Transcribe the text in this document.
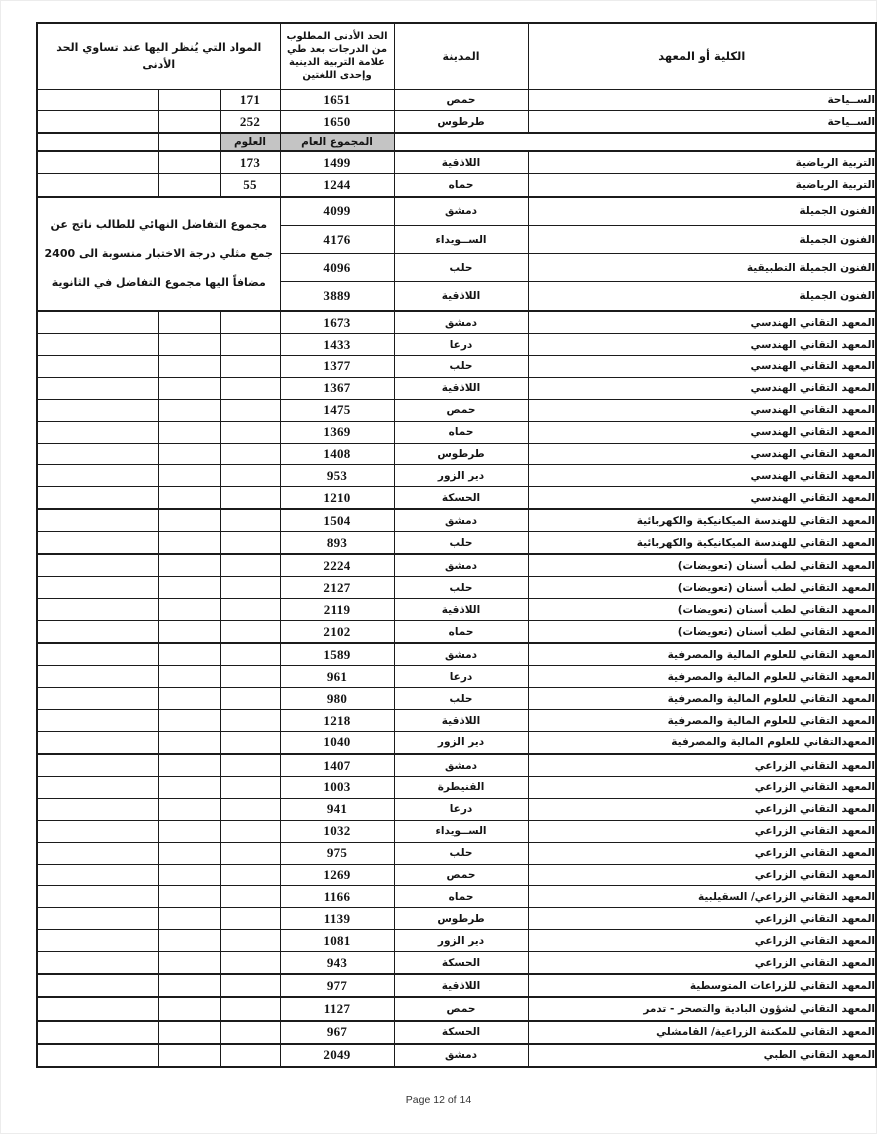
الكلية أو المعهد	المدينة	الحد الأدنى المطلوب من الدرجات بعد طي علامة التربية الدينية وإحدى اللغتين	المواد التي يُنظر اليها عند تساوي الحد الأدنى		
الســياحة	حمص	1651	171		
الســياحة	طرطوس	1650	252		
		المجموع العام	العلوم		
التربية الرياضية	اللاذقية	1499	173		
التربية الرياضية	حماه	1244	55		
الفنون الجميلة	دمشق	4099	مجموع التفاضل النهائي للطالب ناتج عن جمع مثلي درجة الاختبار منسوبة الى 2400 مضافاً اليها مجموع التفاضل في الثانوية		
الفنون الجميلة	الســويداء	4176			
الفنون الجميلة التطبيقية	حلب	4096			
الفنون الجميلة	اللاذقية	3889			
المعهد التقاني الهندسي	دمشق	1673			
المعهد التقاني الهندسي	درعا	1433			
المعهد التقاني الهندسي	حلب	1377			
المعهد التقاني الهندسي	اللاذقية	1367			
المعهد التقاني الهندسي	حمص	1475			
المعهد التقاني الهندسي	حماه	1369			
المعهد التقاني الهندسي	طرطوس	1408			
المعهد التقاني الهندسي	دير الزور	953			
المعهد التقاني الهندسي	الحسكة	1210			
المعهد التقاني للهندسة الميكانيكية والكهربائية	دمشق	1504			
المعهد التقاني للهندسة الميكانيكية والكهربائية	حلب	893			
المعهد التقاني لطب أسنان (تعويضات)	دمشق	2224			
المعهد التقاني لطب أسنان (تعويضات)	حلب	2127			
المعهد التقاني لطب أسنان (تعويضات)	اللاذقية	2119			
المعهد التقاني لطب أسنان (تعويضات)	حماه	2102			
المعهد التقاني للعلوم المالية والمصرفية	دمشق	1589			
المعهد التقاني للعلوم المالية والمصرفية	درعا	961			
المعهد التقاني للعلوم المالية والمصرفية	حلب	980			
المعهد التقاني للعلوم المالية والمصرفية	اللاذقية	1218			
المعهدالتقاني للعلوم المالية والمصرفية	دير الزور	1040			
المعهد التقاني الزراعي	دمشق	1407			
المعهد التقاني الزراعي	القنيطرة	1003			
المعهد التقاني الزراعي	درعا	941			
المعهد التقاني الزراعي	الســويداء	1032			
المعهد التقاني الزراعي	حلب	975			
المعهد التقاني الزراعي	حمص	1269			
المعهد التقاني الزراعي/ السقيلبية	حماه	1166			
المعهد التقاني الزراعي	طرطوس	1139			
المعهد التقاني الزراعي	دير الزور	1081			
المعهد التقاني الزراعي	الحسكة	943			
المعهد التقاني للزراعات المتوسطية	اللاذقية	977			
المعهد التقاني لشؤون البادية والتصحر - تدمر	حمص	1127			
المعهد التقاني للمكننة الزراعية/ القامشلي	الحسكة	967			
المعهد التقاني الطبي	دمشق	2049			
Page 12 of 14
